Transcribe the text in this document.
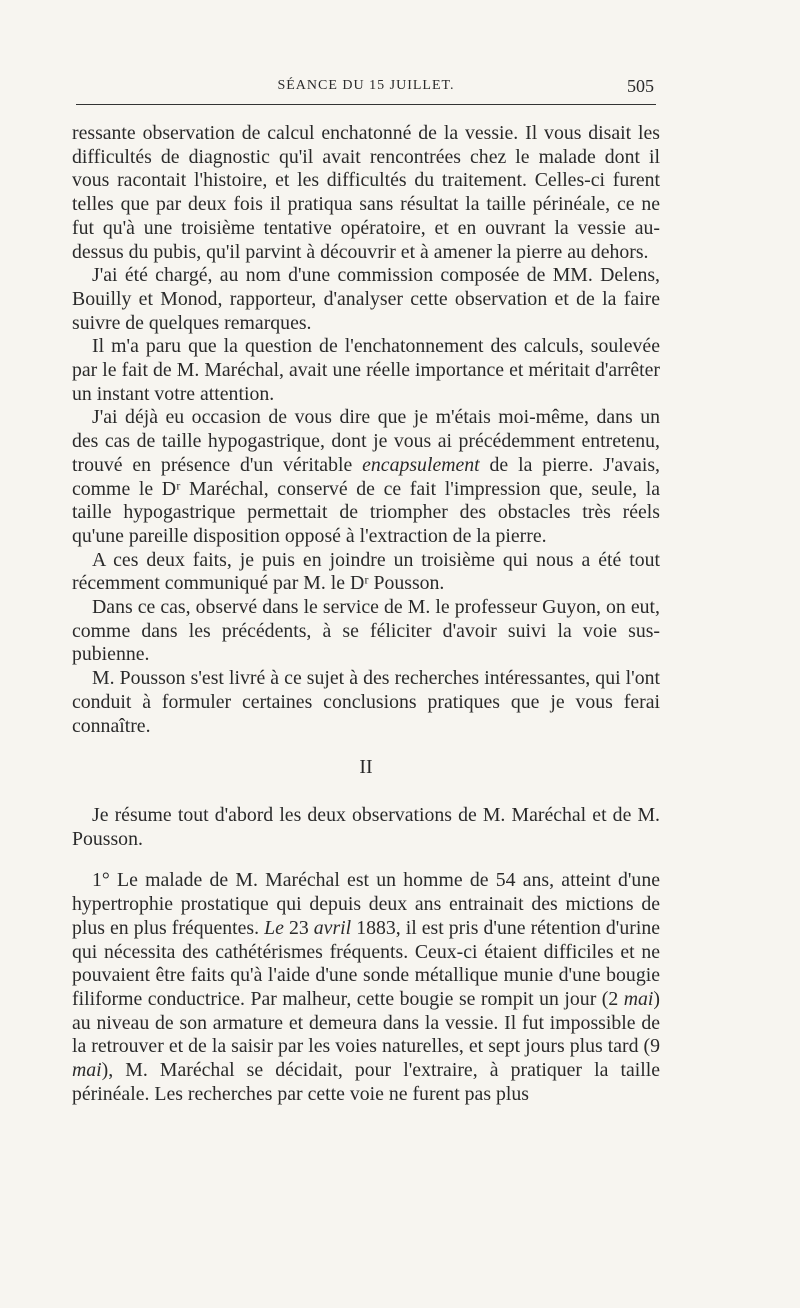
SÉANCE DU 15 JUILLET.	505

ressante observation de calcul enchatonné de la vessie. Il vous disait les difficultés de diagnostic qu'il avait rencontrées chez le malade dont il vous racontait l'histoire, et les difficultés du traitement. Celles-ci furent telles que par deux fois il pratiqua sans résultat la taille périnéale, ce ne fut qu'à une troisième tentative opératoire, et en ouvrant la vessie au-dessus du pubis, qu'il parvint à découvrir et à amener la pierre au dehors.

J'ai été chargé, au nom d'une commission composée de MM. Delens, Bouilly et Monod, rapporteur, d'analyser cette observation et de la faire suivre de quelques remarques.

Il m'a paru que la question de l'enchatonnement des calculs, soulevée par le fait de M. Maréchal, avait une réelle importance et méritait d'arrêter un instant votre attention.

J'ai déjà eu occasion de vous dire que je m'étais moi-même, dans un des cas de taille hypogastrique, dont je vous ai précédemment entretenu, trouvé en présence d'un véritable encapsulement de la pierre. J'avais, comme le Dʳ Maréchal, conservé de ce fait l'impression que, seule, la taille hypogastrique permettait de triompher des obstacles très réels qu'une pareille disposition opposé à l'extraction de la pierre.

A ces deux faits, je puis en joindre un troisième qui nous a été tout récemment communiqué par M. le Dʳ Pousson.

Dans ce cas, observé dans le service de M. le professeur Guyon, on eut, comme dans les précédents, à se féliciter d'avoir suivi la voie sus-pubienne.

M. Pousson s'est livré à ce sujet à des recherches intéressantes, qui l'ont conduit à formuler certaines conclusions pratiques que je vous ferai connaître.

II

Je résume tout d'abord les deux observations de M. Maréchal et de M. Pousson.

1° Le malade de M. Maréchal est un homme de 54 ans, atteint d'une hypertrophie prostatique qui depuis deux ans entrainait des mictions de plus en plus fréquentes. Le 23 avril 1883, il est pris d'une rétention d'urine qui nécessita des cathétérismes fréquents. Ceux-ci étaient difficiles et ne pouvaient être faits qu'à l'aide d'une sonde métallique munie d'une bougie filiforme conductrice. Par malheur, cette bougie se rompit un jour (2 mai) au niveau de son armature et demeura dans la vessie. Il fut impossible de la retrouver et de la saisir par les voies naturelles, et sept jours plus tard (9 mai), M. Maréchal se décidait, pour l'extraire, à pratiquer la taille périnéale. Les recherches par cette voie ne furent pas plus
